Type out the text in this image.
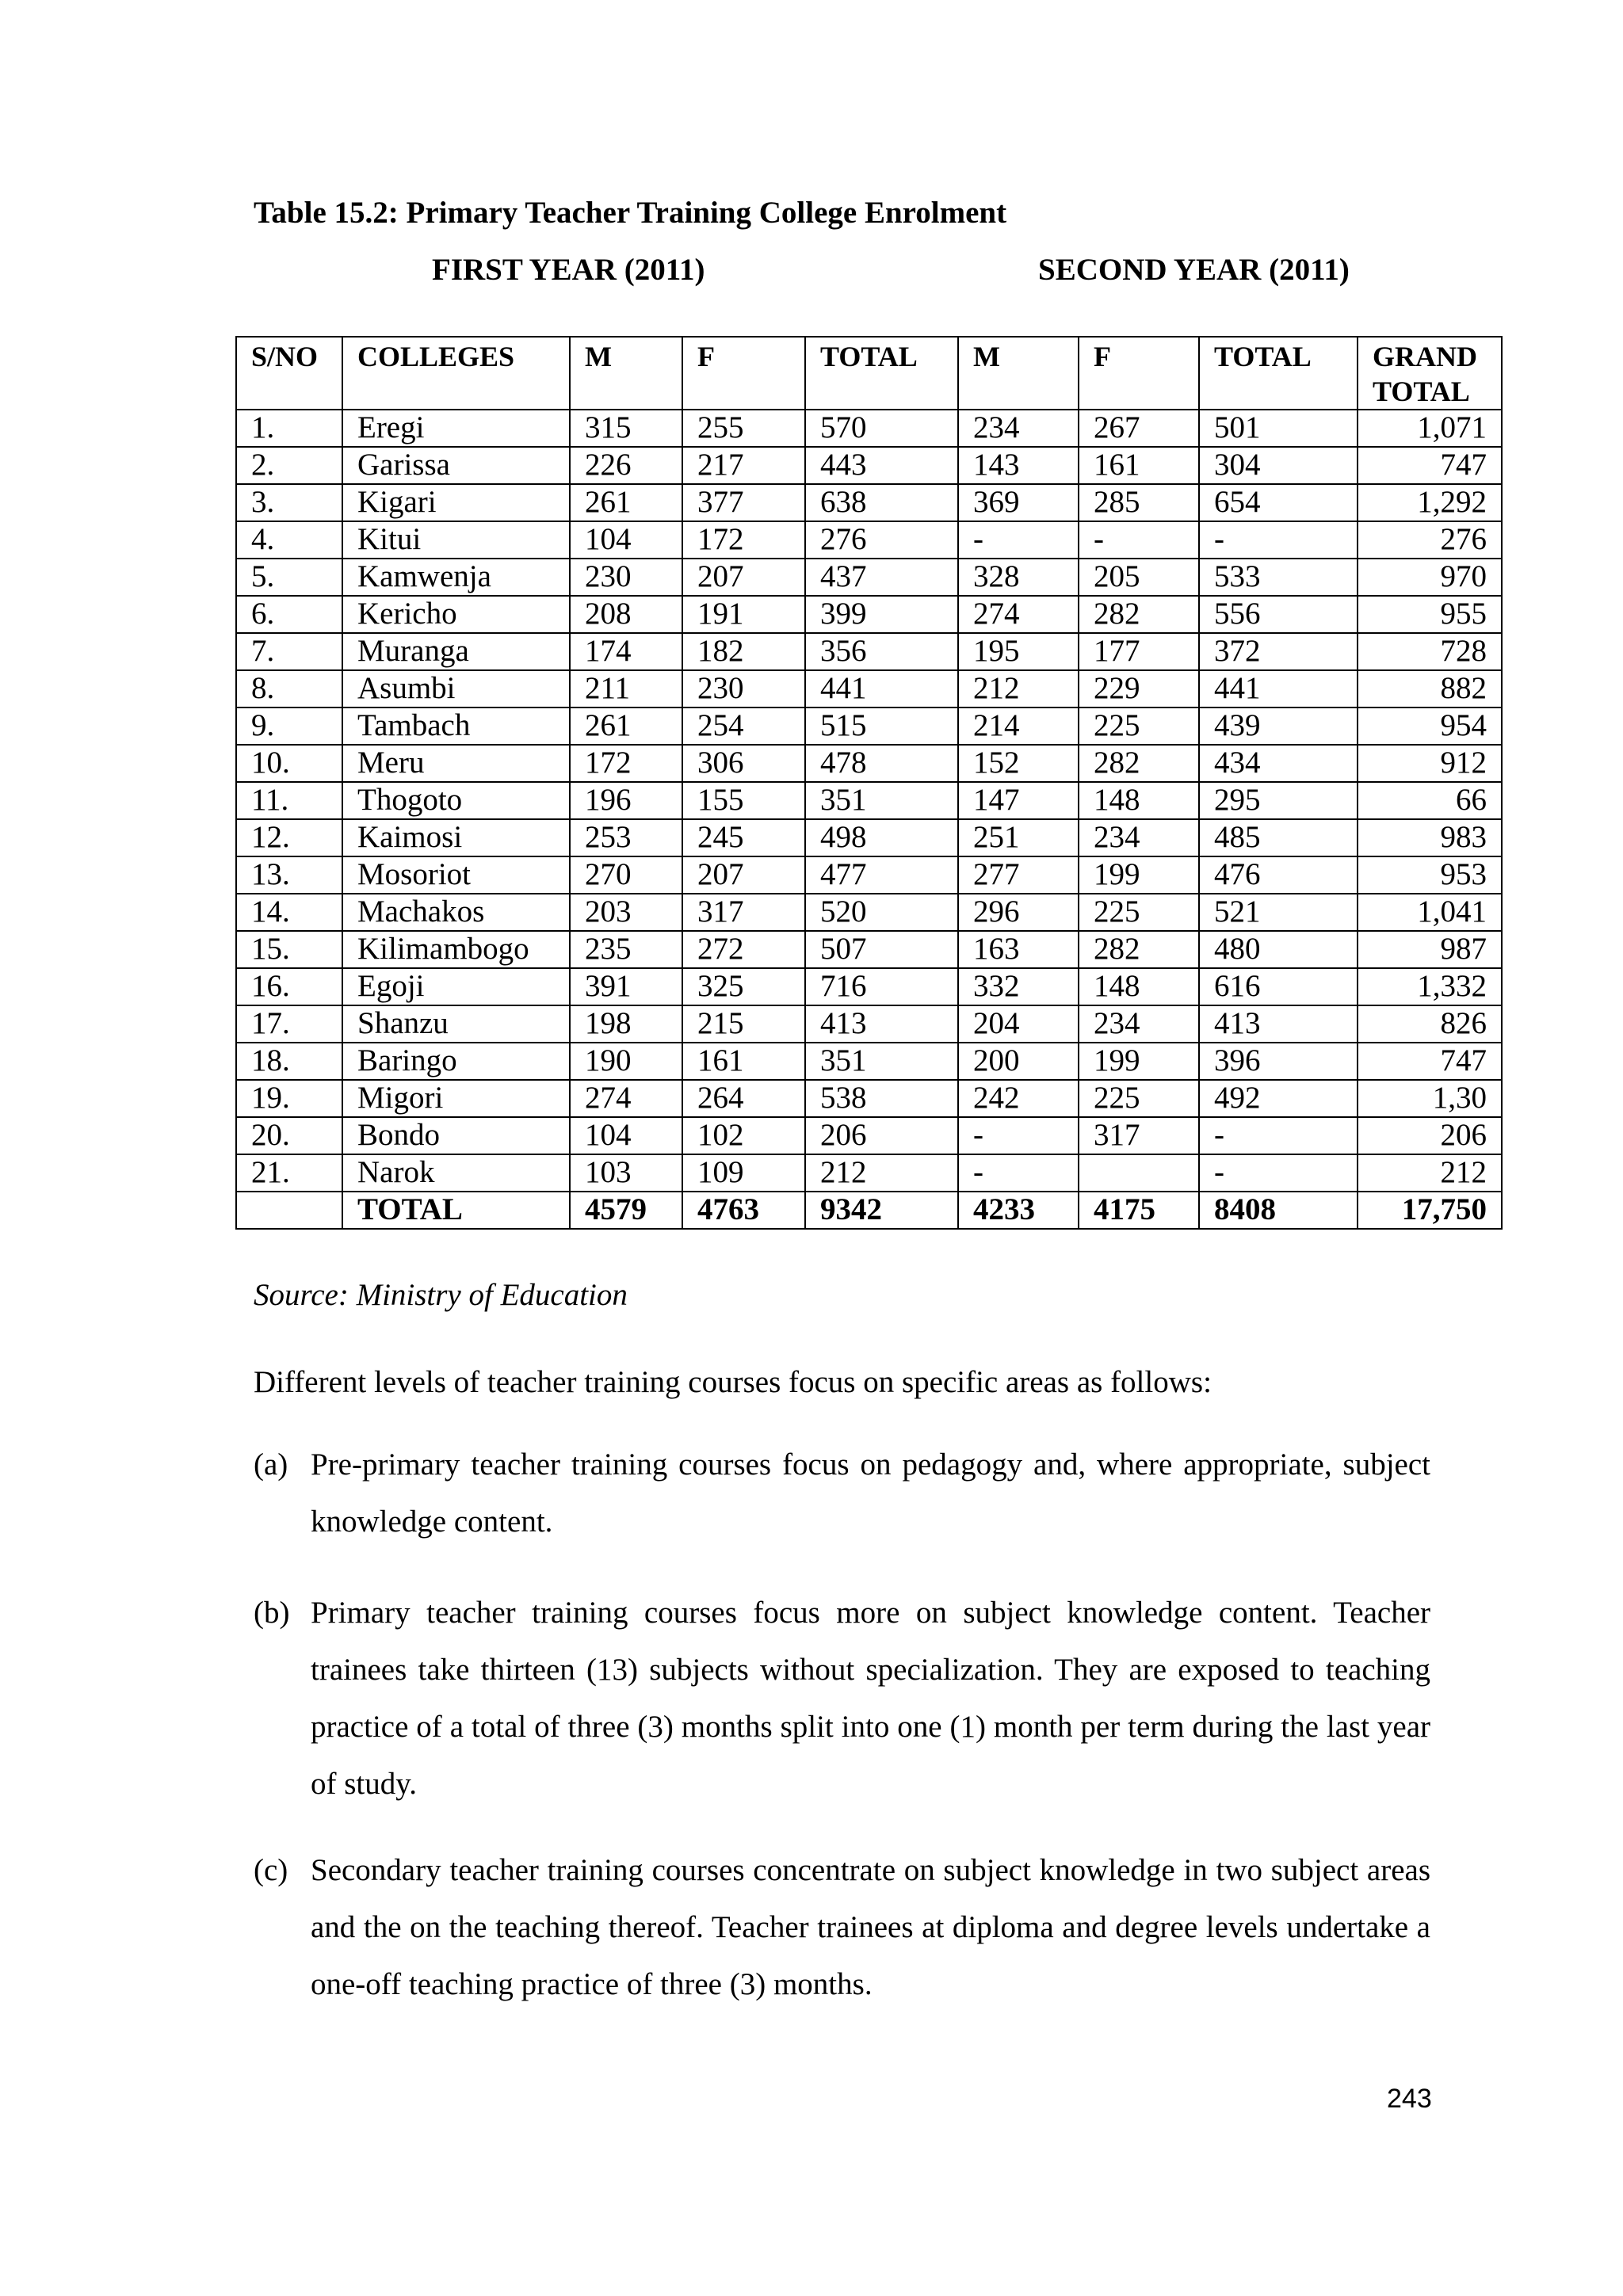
Table 15.2: Primary Teacher Training College Enrolment
FIRST YEAR (2011)	SECOND YEAR (2011)
S/NO	COLLEGES	M	F	TOTAL	M	F	TOTAL	GRAND TOTAL
1.	Eregi	315	255	570	234	267	501	1,071
2.	Garissa	226	217	443	143	161	304	747
3.	Kigari	261	377	638	369	285	654	1,292
4.	Kitui	104	172	276	-	-	-	276
5.	Kamwenja	230	207	437	328	205	533	970
6.	Kericho	208	191	399	274	282	556	955
7.	Muranga	174	182	356	195	177	372	728
8.	Asumbi	211	230	441	212	229	441	882
9.	Tambach	261	254	515	214	225	439	954
10.	Meru	172	306	478	152	282	434	912
11.	Thogoto	196	155	351	147	148	295	66
12.	Kaimosi	253	245	498	251	234	485	983
13.	Mosoriot	270	207	477	277	199	476	953
14.	Machakos	203	317	520	296	225	521	1,041
15.	Kilimambogo	235	272	507	163	282	480	987
16.	Egoji	391	325	716	332	148	616	1,332
17.	Shanzu	198	215	413	204	234	413	826
18.	Baringo	190	161	351	200	199	396	747
19.	Migori	274	264	538	242	225	492	1,30
20.	Bondo	104	102	206	-	317	-	206
21.	Narok	103	109	212	-		-	212
	TOTAL	4579	4763	9342	4233	4175	8408	17,750
Source: Ministry of Education

Different levels of teacher training courses focus on specific areas as follows:

(a) Pre-primary teacher training courses focus on pedagogy and, where appropriate, subject knowledge content.
(b) Primary teacher training courses focus more on subject knowledge content. Teacher trainees take thirteen (13) subjects without specialization. They are exposed to teaching practice of a total of three (3) months split into one (1) month per term during the last year of study.
(c) Secondary teacher training courses concentrate on subject knowledge in two subject areas and the on the teaching thereof. Teacher trainees at diploma and degree levels undertake a one-off teaching practice of three (3) months.
243
